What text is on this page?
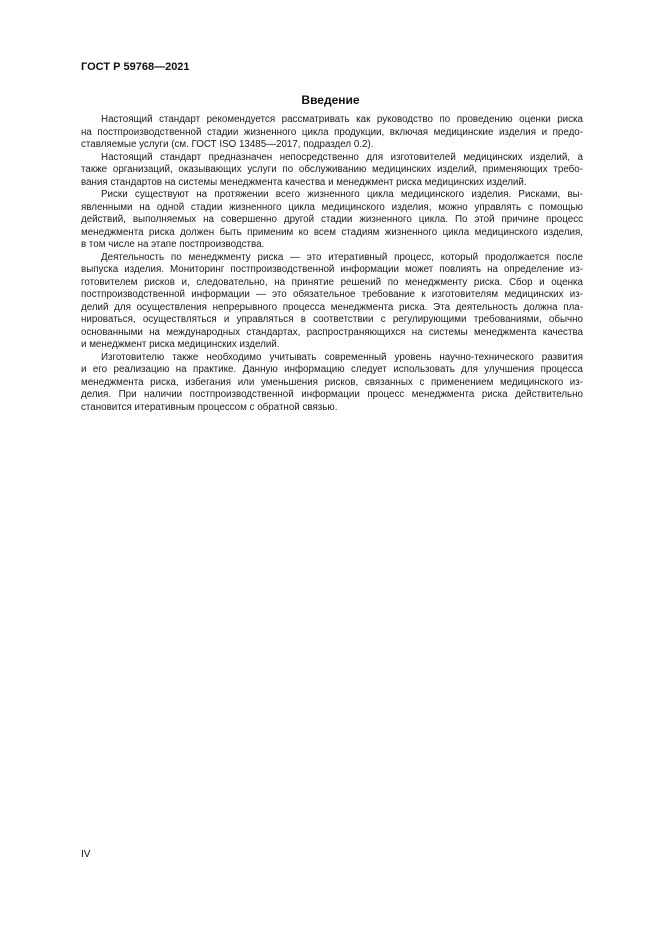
ГОСТ Р 59768—2021
Введение
Настоящий стандарт рекомендуется рассматривать как руководство по проведению оценки риска
на постпроизводственной стадии жизненного цикла продукции, включая медицинские изделия и предо-
ставляемые услуги (см. ГОСТ ISO 13485—2017, подраздел 0.2).
Настоящий стандарт предназначен непосредственно для изготовителей медицинских изделий, а
также организаций, оказывающих услуги по обслуживанию медицинских изделий, применяющих требо-
вания стандартов на системы менеджмента качества и менеджмент риска медицинских изделий.
Риски существуют на протяжении всего жизненного цикла медицинского изделия. Рисками, вы-
явленными на одной стадии жизненного цикла медицинского изделия, можно управлять с помощью
действий, выполняемых на совершенно другой стадии жизненного цикла. По этой причине процесс
менеджмента риска должен быть применим ко всем стадиям жизненного цикла медицинского изделия,
в том числе на этапе постпроизводства.
Деятельность по менеджменту риска — это итеративный процесс, который продолжается после
выпуска изделия. Мониторинг постпроизводственной информации может повлиять на определение из-
готовителем рисков и, следовательно, на принятие решений по менеджменту риска. Сбор и оценка
постпроизводственной информации — это обязательное требование к изготовителям медицинских из-
делий для осуществления непрерывного процесса менеджмента риска. Эта деятельность должна пла-
нироваться, осуществляться и управляться в соответствии с регулирующими требованиями, обычно
основанными на международных стандартах, распространяющихся на системы менеджмента качества
и менеджмент риска медицинских изделий.
Изготовителю также необходимо учитывать современный уровень научно-технического развития
и его реализацию на практике. Данную информацию следует использовать для улучшения процесса
менеджмента риска, избегания или уменьшения рисков, связанных с применением медицинского из-
делия. При наличии постпроизводственной информации процесс менеджмента риска действительно
становится итеративным процессом с обратной связью.
IV
